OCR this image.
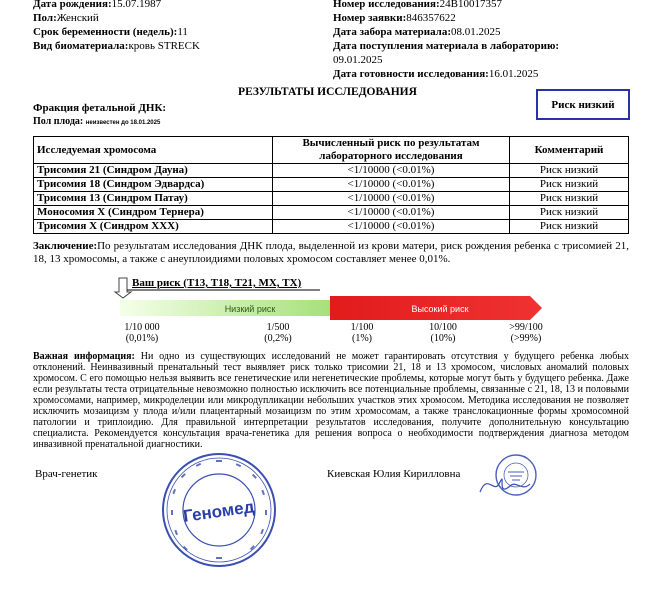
Дата рождения:15.07.1987
Пол:Женский
Срок беременности (недель):11
Вид биоматериала:кровь STRECK
Номер исследования:24В10017357
Номер заявки:846357622
Дата забора материала:08.01.2025
Дата поступления материала в лабораторию:
09.01.2025
Дата готовности исследования:16.01.2025
РЕЗУЛЬТАТЫ ИССЛЕДОВАНИЯ
Фракция фетальной ДНК:
Пол плода: неизвестен до 18.01.2025
Риск низкий
Исследуемая хромосома	Вычисленный риск по результатам лабораторного исследования	Комментарий
Трисомия 21 (Синдром Дауна)	<1/10000 (<0.01%)	Риск низкий
Трисомия 18 (Синдром Эдвардса)	<1/10000 (<0.01%)	Риск низкий
Трисомия 13 (Синдром Патау)	<1/10000 (<0.01%)	Риск низкий
Моносомия X (Синдром Тернера)	<1/10000 (<0.01%)	Риск низкий
Трисомия X (Синдром XXX)	<1/10000 (<0.01%)	Риск низкий
Заключение:По результатам исследования ДНК плода, выделенной из крови матери, риск рождения ребенка с трисомией 21, 18, 13 хромосомы, а также с анеуплоидиями половых хромосом составляет менее 0,01%.
Ваш риск (Т13, Т18, Т21, МХ, ТХ)
Низкий риск	Высокий риск
1/10 000
(0,01%)
1/500
(0,2%)
1/100
(1%)
10/100
(10%)
>99/100
(>99%)
Важная информация: Ни одно из существующих исследований не может гарантировать отсутствия у будущего ребенка любых отклонений. Неинвазивный пренатальный тест выявляет риск только трисомии 21, 18 и 13 хромосом, числовых аномалий половых хромосом. С его помощью нельзя выявить все генетические или негенетические проблемы, которые могут быть у будущего ребенка. Даже если результаты теста отрицательные невозможно полностью исключить все потенциальные проблемы, связанные с 21, 18, 13 и половыми хромосомами, например, микроделеции или микродупликации небольших участков этих хромосом. Методика исследования не позволяет исключить мозаицизм у плода и/или плацентарный мозаицизм по этим хромосомам, а также транслокационные формы хромосомной патологии и триплоидию. Для правильной интерпретации результатов исследования, получите дополнительную консультацию специалиста. Рекомендуется консультация врача-генетика для решения вопроса о необходимости подтверждения диагноза методом инвазивной пренатальной диагностики.
Врач-генетик	Киевская Юлия Кирилловна
Геномед
